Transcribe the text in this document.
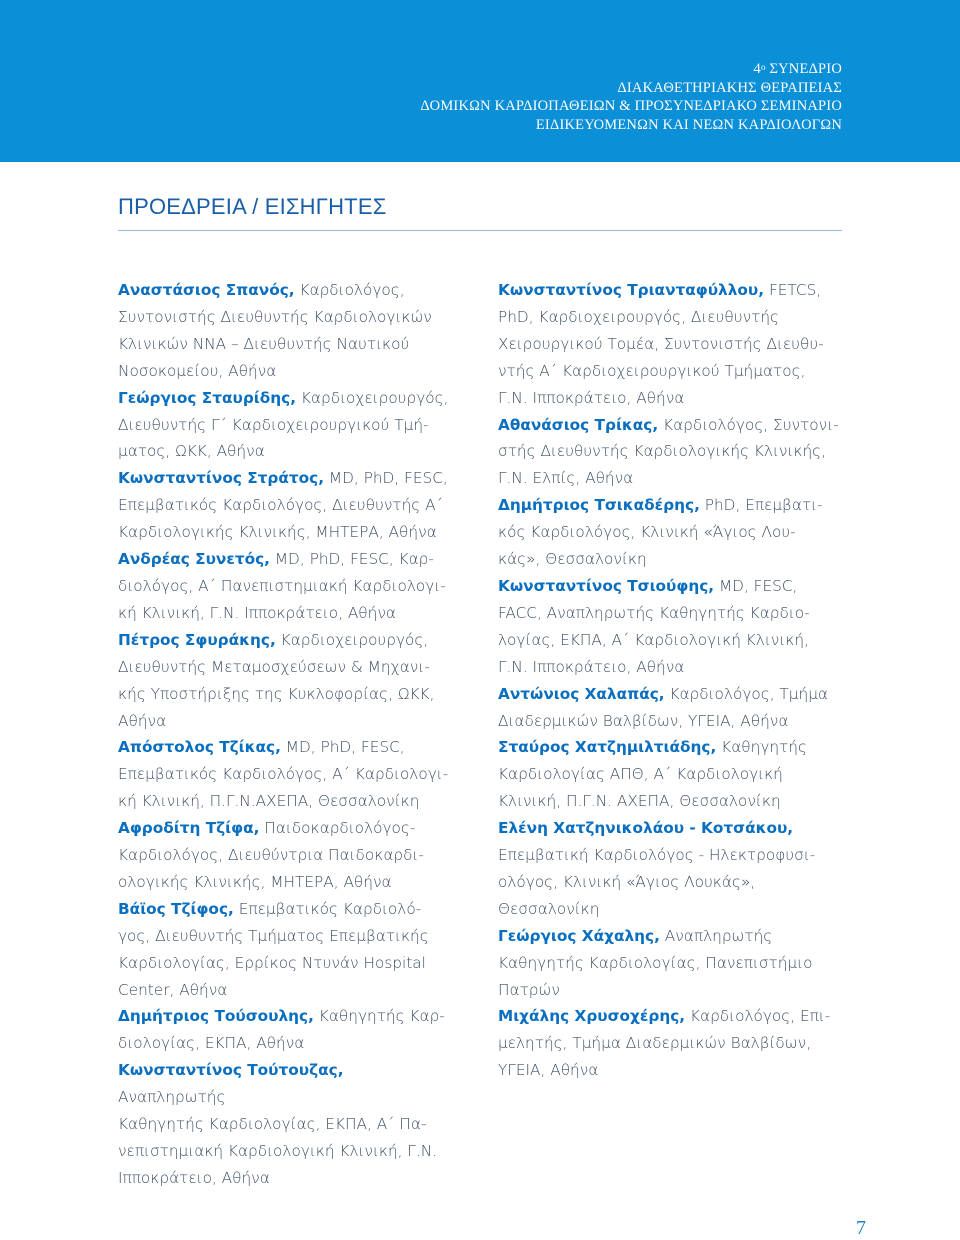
$4^o$ ΣΥΝΕΔΡΙΟ
ΔΙΑΚΑΘΕΤΗΡΙΑΚΗΣ ΘΕΡΑΠΕΙΑΣ
ΔΟΜΙΚΩΝ ΚΑΡΔΙΟΠΑΘΕΙΩΝ & ΠΡΟΣΥΝΕΔΡΙΑΚΟ ΣΕΜΙΝΑΡΙΟ
ΕΙΔΙΚΕΥΟΜΕΝΩΝ ΚΑΙ ΝΕΩΝ ΚΑΡΔΙΟΛΟΓΩΝ
ΠΡΟΕΔΡΕΙΑ / ΕΙΣΗΓΗΤΕΣ
Αναστάσιος Σπανός, Καρδιολόγος,
Συντονιστής Διευθυντής Καρδιολογικών
Κλινικών ΝΝΑ – Διευθυντής Ναυτικού
Νοσοκομείου, Αθήνα
Γεώργιος Σταυρίδης, Καρδιοχειρουργός,
Διευθυντής Γ΄ Καρδιοχειρουργικού Τμή-
ματος, ΩΚΚ, Αθήνα
Κωνσταντίνος Στράτος, MD, PhD, FESC,
Επεμβατικός Καρδιολόγος, Διευθυντής Α΄
Καρδιολογικής Κλινικής, ΜΗΤΕΡΑ, Αθήνα
Ανδρέας Συνετός, MD, PhD, FESC, Καρ-
διολόγος, Α΄ Πανεπιστημιακή Καρδιολογι-
κή Κλινική, Γ.Ν. Ιπποκράτειο, Αθήνα
Πέτρος Σφυράκης, Καρδιοχειρουργός,
Διευθυντής Μεταμοσχεύσεων & Μηχανι-
κής Υποστήριξης της Κυκλοφορίας, ΩΚΚ,
Αθήνα
Απόστολος Τζίκας, MD, PhD, FESC,
Επεμβατικός Καρδιολόγος, Α΄ Καρδιολογι-
κή Κλινική, Π.Γ.Ν.ΑΧΕΠΑ, Θεσσαλονίκη
Αφροδίτη Τζίφα, Παιδοκαρδιολόγος-
Καρδιολόγος, Διευθύντρια Παιδοκαρδι-
ολογικής Κλινικής, ΜΗΤΕΡΑ, Αθήνα
Βάϊος Τζίφος, Επεμβατικός Καρδιολό-
γος, Διευθυντής Τμήματος Επεμβατικής
Καρδιολογίας, Ερρίκος Ντυνάν Hospital
Center, Αθήνα
Δημήτριος Τούσουλης, Καθηγητής Καρ-
διολογίας, ΕΚΠΑ, Αθήνα
Κωνσταντίνος Τούτουζας, Αναπληρωτής
Καθηγητής Καρδιολογίας, ΕΚΠΑ, Α΄ Πα-
νεπιστημιακή Καρδιολογική Κλινική, Γ.Ν.
Ιπποκράτειο, Αθήνα
Κωνσταντίνος Τριανταφύλλου, FETCS,
PhD, Καρδιοχειρουργός, Διευθυντής
Χειρουργικού Τομέα, Συντονιστής Διευθυ-
ντής Α΄ Καρδιοχειρουργικού Τμήματος,
Γ.Ν. Ιπποκράτειο, Αθήνα
Αθανάσιος Τρίκας, Καρδιολόγος, Συντονι-
στής Διευθυντής Καρδιολογικής Κλινικής,
Γ.Ν. Ελπίς, Αθήνα
Δημήτριος Τσικαδέρης, PhD, Επεμβατι-
κός Καρδιολόγος, Κλινική «Άγιος Λου-
κάς», Θεσσαλονίκη
Κωνσταντίνος Τσιούφης, MD, FESC,
FACC, Αναπληρωτής Καθηγητής Καρδιο-
λογίας, ΕΚΠΑ, Α΄ Καρδιολογική Κλινική,
Γ.Ν. Ιπποκράτειο, Αθήνα
Αντώνιος Χαλαπάς, Καρδιολόγος, Τμήμα
Διαδερμικών Βαλβίδων, ΥΓΕΙΑ, Αθήνα
Σταύρος Χατζημιλτιάδης, Καθηγητής
Καρδιολογίας ΑΠΘ, Α΄ Καρδιολογική
Κλινική, Π.Γ.Ν. ΑΧΕΠΑ, Θεσσαλονίκη
Ελένη Χατζηνικολάου - Κοτσάκου,
Επεμβατική Καρδιολόγος - Ηλεκτροφυσι-
ολόγος, Κλινική «Άγιος Λουκάς»,
Θεσσαλονίκη
Γεώργιος Χάχαλης, Αναπληρωτής
Καθηγητής Καρδιολογίας, Πανεπιστήμιο
Πατρών
Μιχάλης Χρυσοχέρης, Καρδιολόγος, Επι-
μελητής, Τμήμα Διαδερμικών Βαλβίδων,
ΥΓΕΙΑ, Αθήνα
7
